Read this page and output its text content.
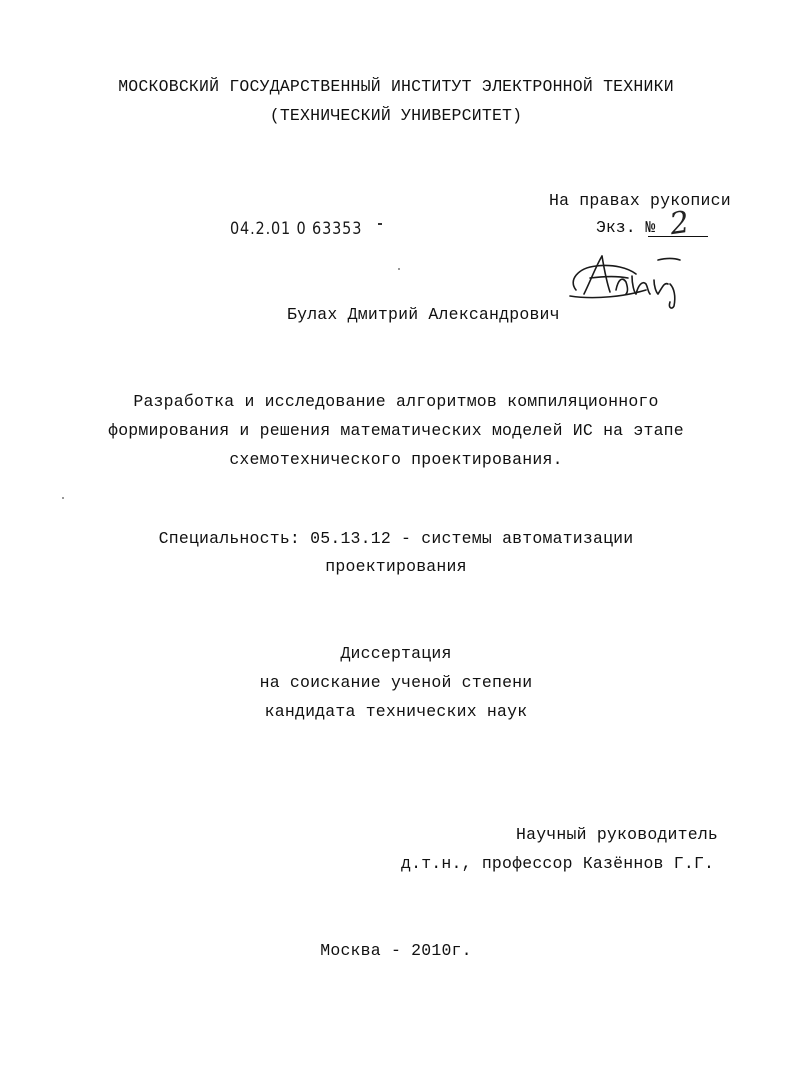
МОСКОВСКИЙ ГОСУДАРСТВЕННЫЙ ИНСТИТУТ ЭЛЕКТРОННОЙ ТЕХНИКИ
(ТЕХНИЧЕСКИЙ УНИВЕРСИТЕТ)
На правах рукописи
04.2.01 0 63353	Экз. № 2
Булах Дмитрий Александрович
Разработка и исследование алгоритмов компиляционного
формирования и решения математических моделей ИС на этапе
схемотехнического проектирования.
Специальность: 05.13.12 - системы автоматизации
проектирования
Диссертация
на соискание ученой степени
кандидата технических наук
Научный руководитель
д.т.н., профессор Казённов Г.Г.
Москва - 2010г.
